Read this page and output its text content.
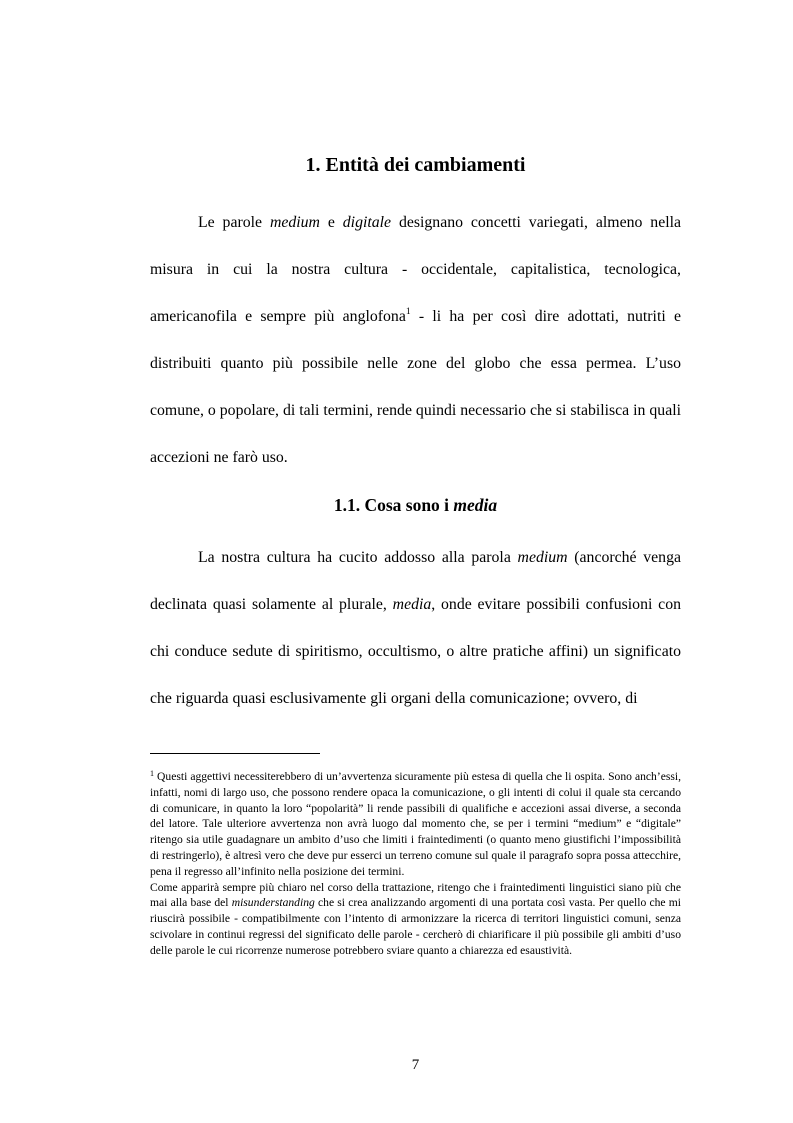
1. Entità dei cambiamenti

Le parole medium e digitale designano concetti variegati, almeno nella misura in cui la nostra cultura - occidentale, capitalistica, tecnologica, americanofila e sempre più anglofona$^1$ - li ha per così dire adottati, nutriti e distribuiti quanto più possibile nelle zone del globo che essa permea. L’uso comune, o popolare, di tali termini, rende quindi necessario che si stabilisca in quali accezioni ne farò uso.

1.1. Cosa sono i media

La nostra cultura ha cucito addosso alla parola medium (ancorché venga declinata quasi solamente al plurale, media, onde evitare possibili confusioni con chi conduce sedute di spiritismo, occultismo, o altre pratiche affini) un significato che riguarda quasi esclusivamente gli organi della comunicazione; ovvero, di

$^1$ Questi aggettivi necessiterebbero di un’avvertenza sicuramente più estesa di quella che li ospita. Sono anch’essi, infatti, nomi di largo uso, che possono rendere opaca la comunicazione, o gli intenti di colui il quale sta cercando di comunicare, in quanto la loro “popolarità” li rende passibili di qualifiche e accezioni assai diverse, a seconda del latore. Tale ulteriore avvertenza non avrà luogo dal momento che, se per i termini “medium” e “digitale” ritengo sia utile guadagnare un ambito d’uso che limiti i fraintedimenti (o quanto meno giustifichi l’impossibilità di restringerlo), è altresì vero che deve pur esserci un terreno comune sul quale il paragrafo sopra possa attecchire, pena il regresso all’infinito nella posizione dei termini.

Come apparirà sempre più chiaro nel corso della trattazione, ritengo che i fraintedimenti linguistici siano più che mai alla base del misunderstanding che si crea analizzando argomenti di una portata così vasta. Per quello che mi riuscirà possibile - compatibilmente con l’intento di armonizzare la ricerca di territori linguistici comuni, senza scivolare in continui regressi del significato delle parole - cercherò di chiarificare il più possibile gli ambiti d’uso delle parole le cui ricorrenze numerose potrebbero sviare quanto a chiarezza ed esaustività.

7
